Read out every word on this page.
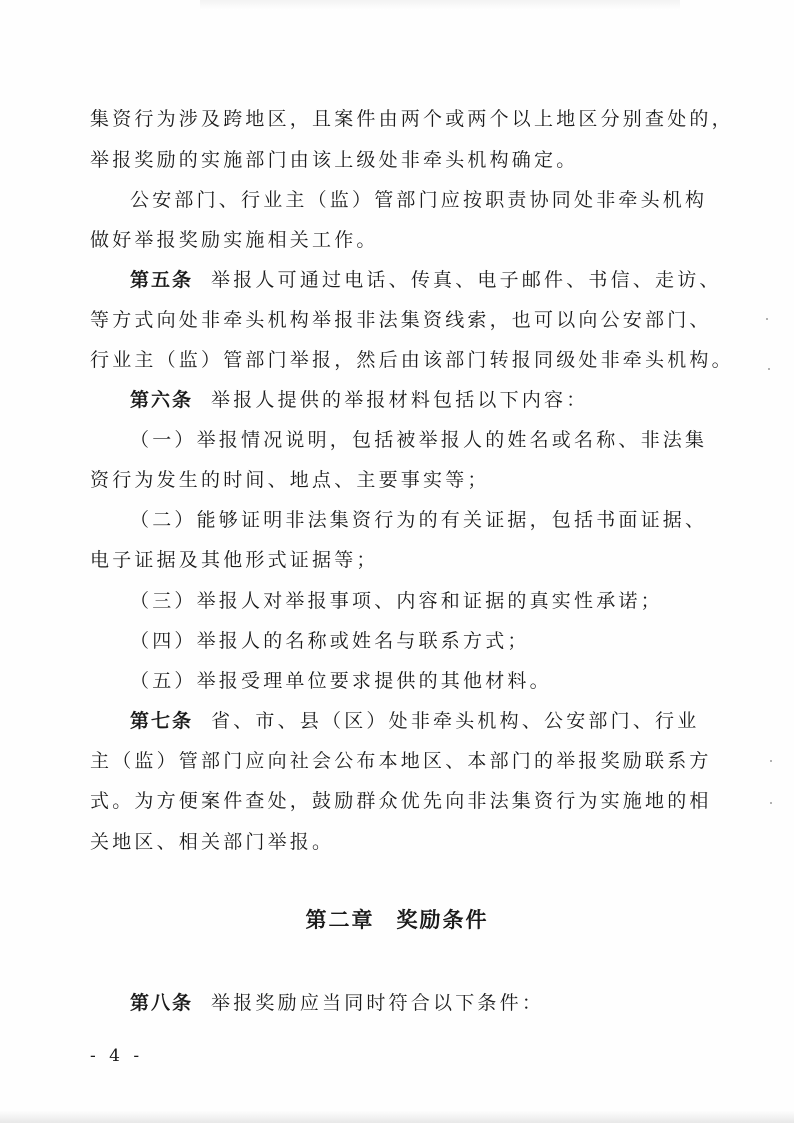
集资行为涉及跨地区，且案件由两个或两个以上地区分别查处的，
举报奖励的实施部门由该上级处非牵头机构确定。
公安部门、行业主（监）管部门应按职责协同处非牵头机构
做好举报奖励实施相关工作。
第五条 举报人可通过电话、传真、电子邮件、书信、走访、
等方式向处非牵头机构举报非法集资线索，也可以向公安部门、
行业主（监）管部门举报，然后由该部门转报同级处非牵头机构。
第六条 举报人提供的举报材料包括以下内容：
（一）举报情况说明，包括被举报人的姓名或名称、非法集
资行为发生的时间、地点、主要事实等；
（二）能够证明非法集资行为的有关证据，包括书面证据、
电子证据及其他形式证据等；
（三）举报人对举报事项、内容和证据的真实性承诺；
（四）举报人的名称或姓名与联系方式；
（五）举报受理单位要求提供的其他材料。
第七条 省、市、县（区）处非牵头机构、公安部门、行业
主（监）管部门应向社会公布本地区、本部门的举报奖励联系方
式。为方便案件查处，鼓励群众优先向非法集资行为实施地的相
关地区、相关部门举报。
第二章 奖励条件
第八条 举报奖励应当同时符合以下条件：
- 4 -
